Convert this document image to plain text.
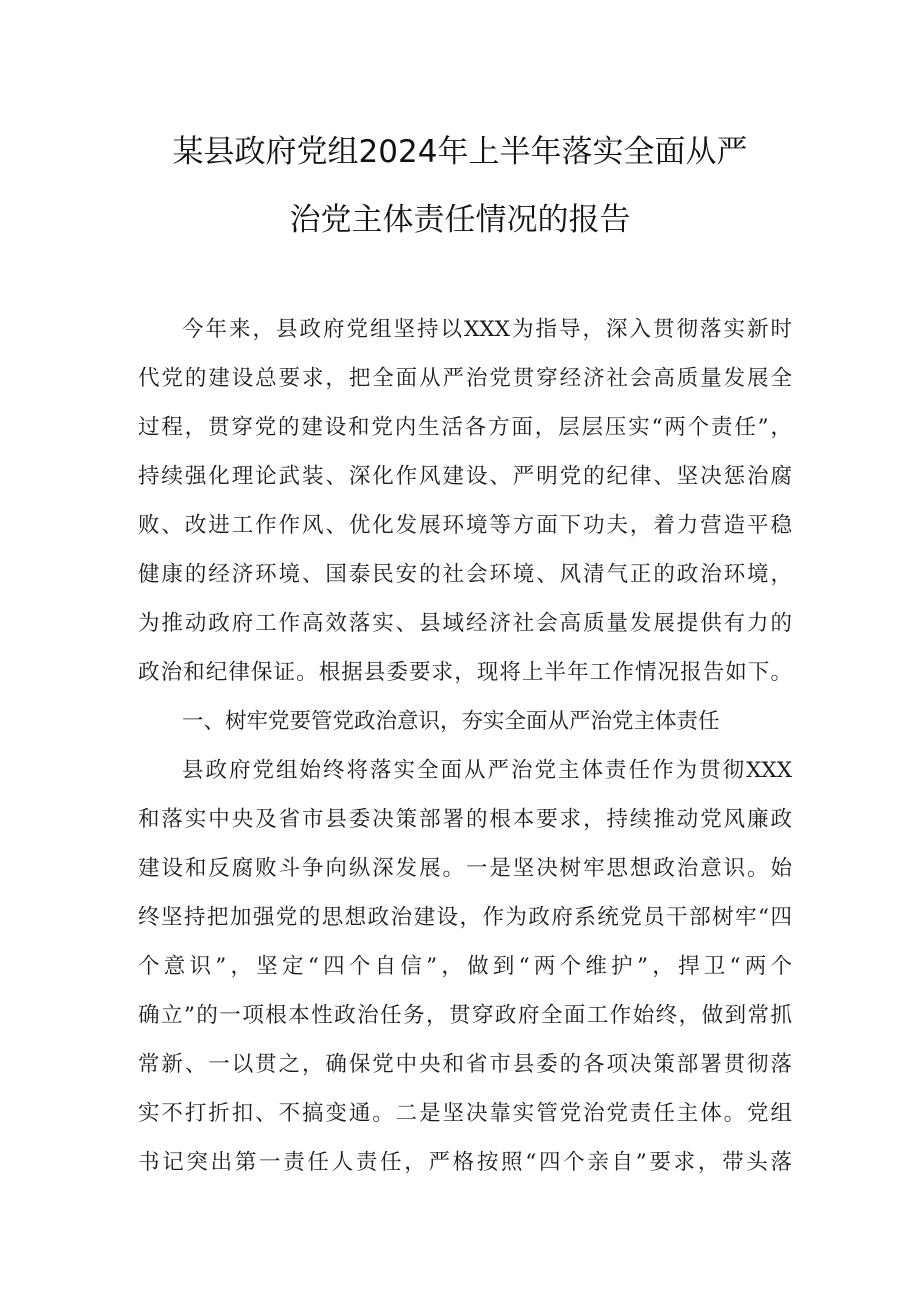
某县政府党组2024年上半年落实全面从严
治党主体责任情况的报告
今年来，县政府党组坚持以XXX为指导，深入贯彻落实新时
代党的建设总要求，把全面从严治党贯穿经济社会高质量发展全
过程，贯穿党的建设和党内生活各方面，层层压实“两个责任”，
持续强化理论武装、深化作风建设、严明党的纪律、坚决惩治腐
败、改进工作作风、优化发展环境等方面下功夫，着力营造平稳
健康的经济环境、国泰民安的社会环境、风清气正的政治环境，
为推动政府工作高效落实、县域经济社会高质量发展提供有力的
政治和纪律保证。根据县委要求，现将上半年工作情况报告如下。
一、树牢党要管党政治意识，夯实全面从严治党主体责任
县政府党组始终将落实全面从严治党主体责任作为贯彻XXX
和落实中央及省市县委决策部署的根本要求，持续推动党风廉政
建设和反腐败斗争向纵深发展。一是坚决树牢思想政治意识。始
终坚持把加强党的思想政治建设，作为政府系统党员干部树牢“四
个意识”，坚定“四个自信”，做到“两个维护”，捍卫“两个
确立”的一项根本性政治任务，贯穿政府全面工作始终，做到常抓
常新、一以贯之，确保党中央和省市县委的各项决策部署贯彻落
实不打折扣、不搞变通。二是坚决靠实管党治党责任主体。党组
书记突出第一责任人责任，严格按照“四个亲自”要求，带头落
